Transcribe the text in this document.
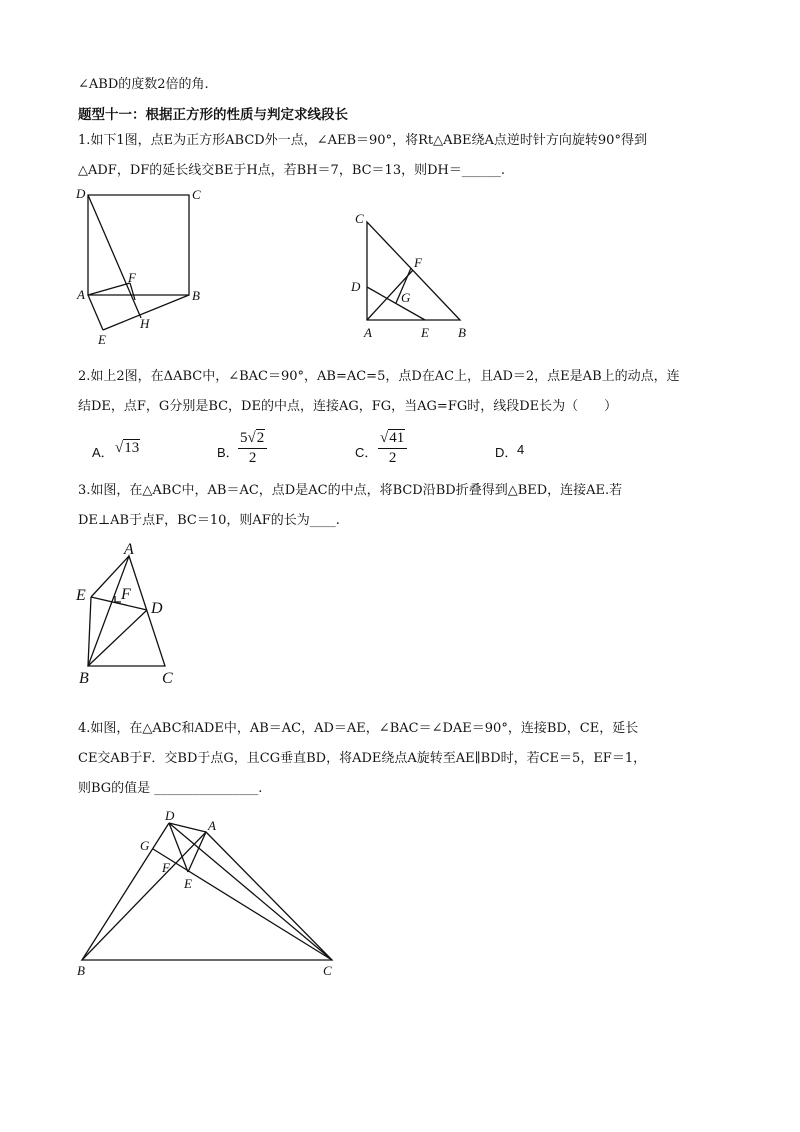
∠ABD的度数2倍的角.
题型十一：根据正方形的性质与判定求线段长
1.如下1图，点E为正方形ABCD外一点，∠AEB＝90°，将Rt△ABE绕A点逆时针方向旋转90°得到
△ADF，DF的延长线交BE于H点，若BH＝7，BC＝13，则DH＝______.
2.如上2图，在ΔABC中，∠BAC＝90°，AB=AC=5，点D在AC上，且AD＝2，点E是AB上的动点，连
结DE，点F，G分别是BC，DE的中点，连接AG，FG，当AG=FG时，线段DE长为（　　）
A． √13	B．
5√2
2	C．
√41
2	D． 4
3.如图，在△ABC中，AB＝AC，点D是AC的中点，将BCD沿BD折叠得到△BED，连接AE.若
DE⊥AB于点F，BC＝10，则AF的长为____.
4.如图，在△ABC和ADE中，AB＝AC，AD＝AE，∠BAC＝∠DAE＝90°，连接BD，CE，延长
CE交AB于F．交BD于点G，且CG垂直BD，将ADE绕点A旋转至AE∥BD时，若CE＝5，EF＝1，
则BG的值是 ________________.
D	C
F
A	B
H
E
C
F
D
G
A	E B
A
E F
D
B	C
D
A
G
F
E
B	C
